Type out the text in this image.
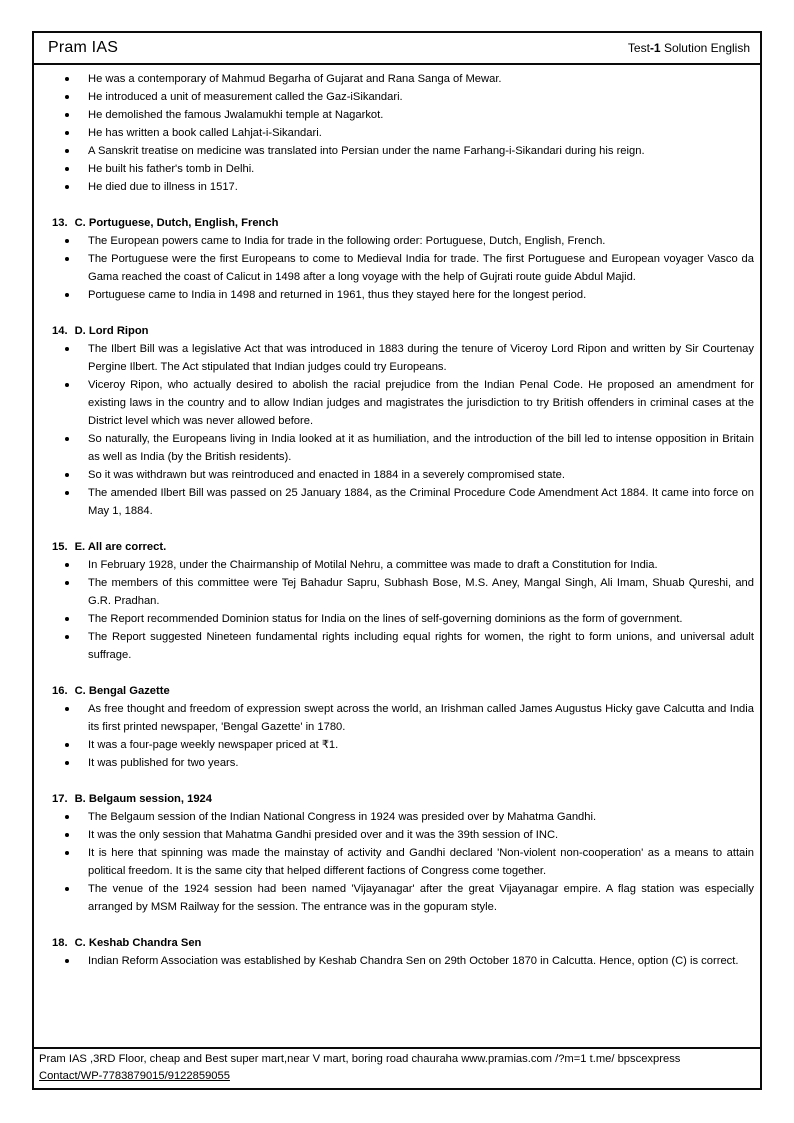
Pram IAS	Test-1 Solution English
He was a contemporary of Mahmud Begarha of Gujarat and Rana Sanga of Mewar.
He introduced a unit of measurement called the Gaz-iSikandari.
He demolished the famous Jwalamukhi temple at Nagarkot.
He has written a book called Lahjat-i-Sikandari.
A Sanskrit treatise on medicine was translated into Persian under the name Farhang-i-Sikandari during his reign.
He built his father's tomb in Delhi.
He died due to illness in 1517.
13. C. Portuguese, Dutch, English, French
The European powers came to India for trade in the following order: Portuguese, Dutch, English, French.
The Portuguese were the first Europeans to come to Medieval India for trade. The first Portuguese and European voyager Vasco da Gama reached the coast of Calicut in 1498 after a long voyage with the help of Gujrati route guide Abdul Majid.
Portuguese came to India in 1498 and returned in 1961, thus they stayed here for the longest period.
14. D. Lord Ripon
The Ilbert Bill was a legislative Act that was introduced in 1883 during the tenure of Viceroy Lord Ripon and written by Sir Courtenay Pergine Ilbert. The Act stipulated that Indian judges could try Europeans.
Viceroy Ripon, who actually desired to abolish the racial prejudice from the Indian Penal Code. He proposed an amendment for existing laws in the country and to allow Indian judges and magistrates the jurisdiction to try British offenders in criminal cases at the District level which was never allowed before.
So naturally, the Europeans living in India looked at it as humiliation, and the introduction of the bill led to intense opposition in Britain as well as India (by the British residents).
So it was withdrawn but was reintroduced and enacted in 1884 in a severely compromised state.
The amended Ilbert Bill was passed on 25 January 1884, as the Criminal Procedure Code Amendment Act 1884. It came into force on May 1, 1884.
15. E. All are correct.
In February 1928, under the Chairmanship of Motilal Nehru, a committee was made to draft a Constitution for India.
The members of this committee were Tej Bahadur Sapru, Subhash Bose, M.S. Aney, Mangal Singh, Ali Imam, Shuab Qureshi, and G.R. Pradhan.
The Report recommended Dominion status for India on the lines of self-governing dominions as the form of government.
The Report suggested Nineteen fundamental rights including equal rights for women, the right to form unions, and universal adult suffrage.
16. C. Bengal Gazette
As free thought and freedom of expression swept across the world, an Irishman called James Augustus Hicky gave Calcutta and India its first printed newspaper, 'Bengal Gazette' in 1780.
It was a four-page weekly newspaper priced at ₹1.
It was published for two years.
17. B. Belgaum session, 1924
The Belgaum session of the Indian National Congress in 1924 was presided over by Mahatma Gandhi.
It was the only session that Mahatma Gandhi presided over and it was the 39th session of INC.
It is here that spinning was made the mainstay of activity and Gandhi declared 'Non-violent non-cooperation' as a means to attain political freedom. It is the same city that helped different factions of Congress come together.
The venue of the 1924 session had been named 'Vijayanagar' after the great Vijayanagar empire. A flag station was especially arranged by MSM Railway for the session. The entrance was in the gopuram style.
18. C. Keshab Chandra Sen
Indian Reform Association was established by Keshab Chandra Sen on 29th October 1870 in Calcutta. Hence, option (C) is correct.
Pram IAS ,3RD Floor, cheap and Best super mart,near V mart, boring road chauraha www.pramias.com /?m=1 t.me/ bpscexpress
Contact/WP-7783879015/9122859055
